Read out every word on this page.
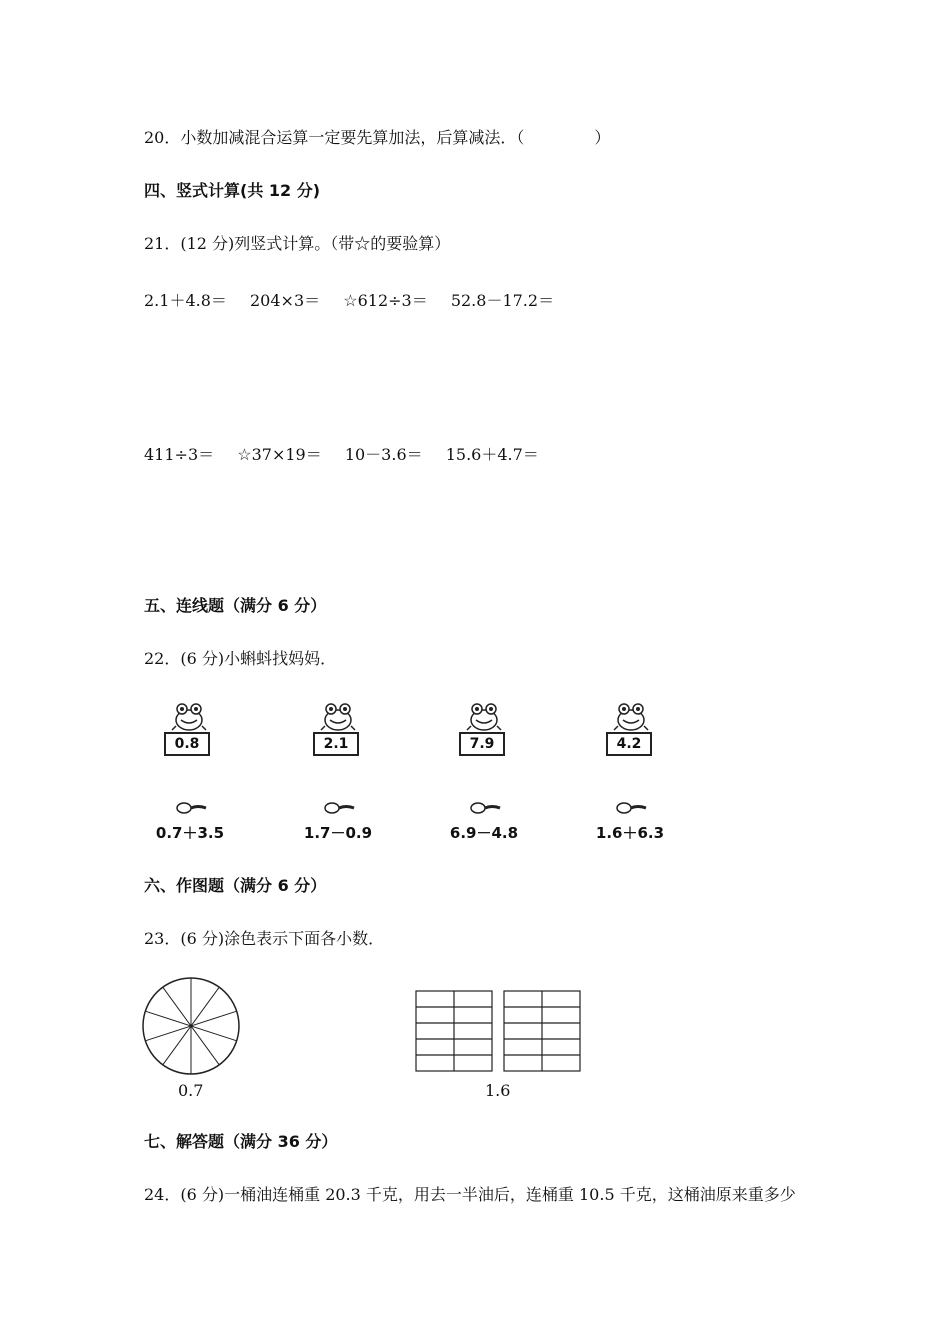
20．小数加减混合运算一定要先算加法，后算减法．（	）
四、竖式计算(共 12 分)
21．(12 分)列竖式计算。（带☆的要验算）
2.1＋4.8＝ 204×3＝ ☆612÷3＝ 52.8－17.2＝
411÷3＝ ☆37×19＝ 10－3.6＝ 15.6＋4.7＝
五、连线题（满分 6 分）
22．(6 分)小蝌蚪找妈妈．
0.8	2.1	7.9	4.2
0.7＋3.5	1.7－0.9	6.9－4.8	1.6＋6.3
六、作图题（满分 6 分）
23．(6 分)涂色表示下面各小数．
0.7	1.6
七、解答题（满分 36 分）
24．(6 分)一桶油连桶重 20.3 千克，用去一半油后，连桶重 10.5 千克，这桶油原来重多少
